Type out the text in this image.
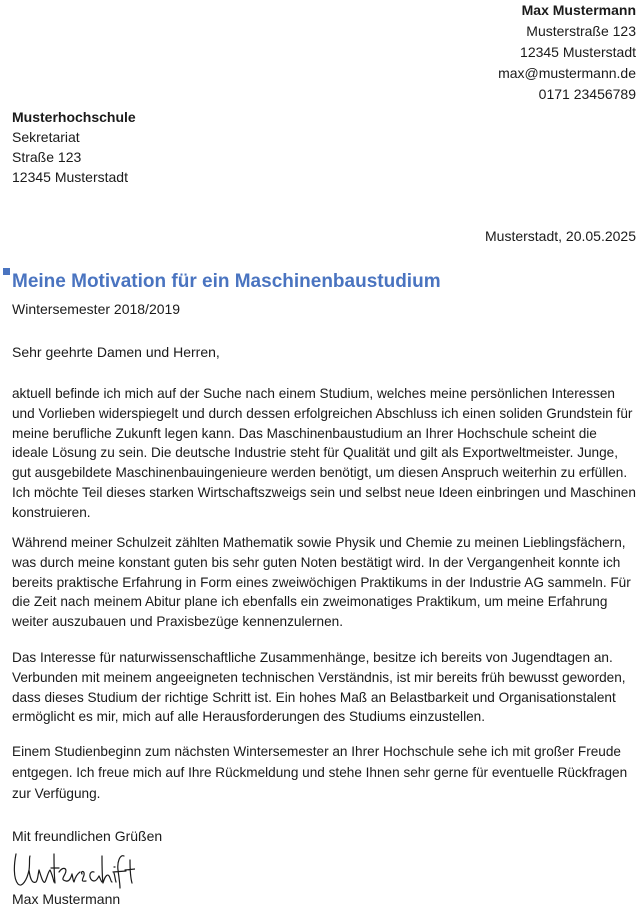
Max Mustermann
Musterstraße 123
12345 Musterstadt
max@mustermann.de
0171 23456789
Musterhochschule
Sekretariat
Straße 123
12345 Musterstadt
Musterstadt, 20.05.2025
Meine Motivation für ein Maschinenbaustudium
Wintersemester 2018/2019
Sehr geehrte Damen und Herren,
aktuell befinde ich mich auf der Suche nach einem Studium, welches meine persönlichen Interessen und Vorlieben widerspiegelt und durch dessen erfolgreichen Abschluss ich einen soliden Grundstein für meine berufliche Zukunft legen kann. Das Maschinenbaustudium an Ihrer Hochschule scheint die ideale Lösung zu sein. Die deutsche Industrie steht für Qualität und gilt als Exportweltmeister. Junge, gut ausgebildete Maschinenbauingenieure werden benötigt, um diesen Anspruch weiterhin zu erfüllen. Ich möchte Teil dieses starken Wirtschaftszweigs sein und selbst neue Ideen einbringen und Maschinen konstruieren.
Während meiner Schulzeit zählten Mathematik sowie Physik und Chemie zu meinen Lieblingsfächern, was durch meine konstant guten bis sehr guten Noten bestätigt wird. In der Vergangenheit konnte ich bereits praktische Erfahrung in Form eines zweiwöchigen Praktikums in der Industrie AG sammeln. Für die Zeit nach meinem Abitur plane ich ebenfalls ein zweimonatiges Praktikum, um meine Erfahrung weiter auszubauen und Praxisbezüge kennenzulernen.
Das Interesse für naturwissenschaftliche Zusammenhänge, besitze ich bereits von Jugendtagen an. Verbunden mit meinem angeeigneten technischen Verständnis, ist mir bereits früh bewusst geworden, dass dieses Studium der richtige Schritt ist. Ein hohes Maß an Belastbarkeit und Organisationstalent ermöglicht es mir, mich auf alle Herausforderungen des Studiums einzustellen.
Einem Studienbeginn zum nächsten Wintersemester an Ihrer Hochschule sehe ich mit großer Freude entgegen. Ich freue mich auf Ihre Rückmeldung und stehe Ihnen sehr gerne für eventuelle Rückfragen zur Verfügung.
Mit freundlichen Grüßen
Max Mustermann
